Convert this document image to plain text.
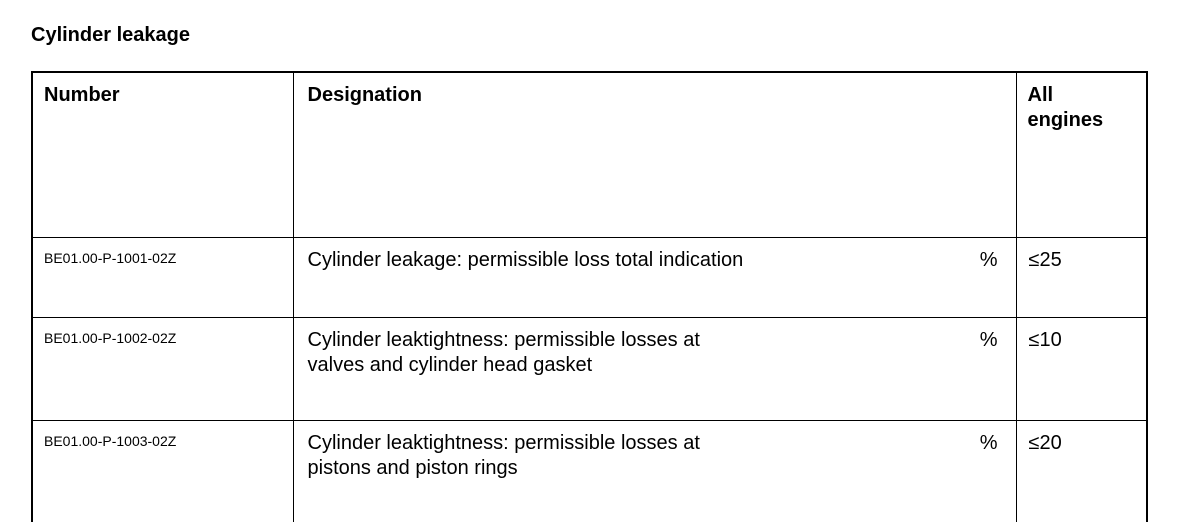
Cylinder leakage
Number	Designation	All
engines
BE01.00-P-1001-02Z	Cylinder leakage: permissible loss total indication %	≤25
BE01.00-P-1002-02Z	Cylinder leaktightness: permissible losses at
valves and cylinder head gasket
%	≤10
BE01.00-P-1003-02Z	Cylinder leaktightness: permissible losses at
pistons and piston rings
%	≤20
